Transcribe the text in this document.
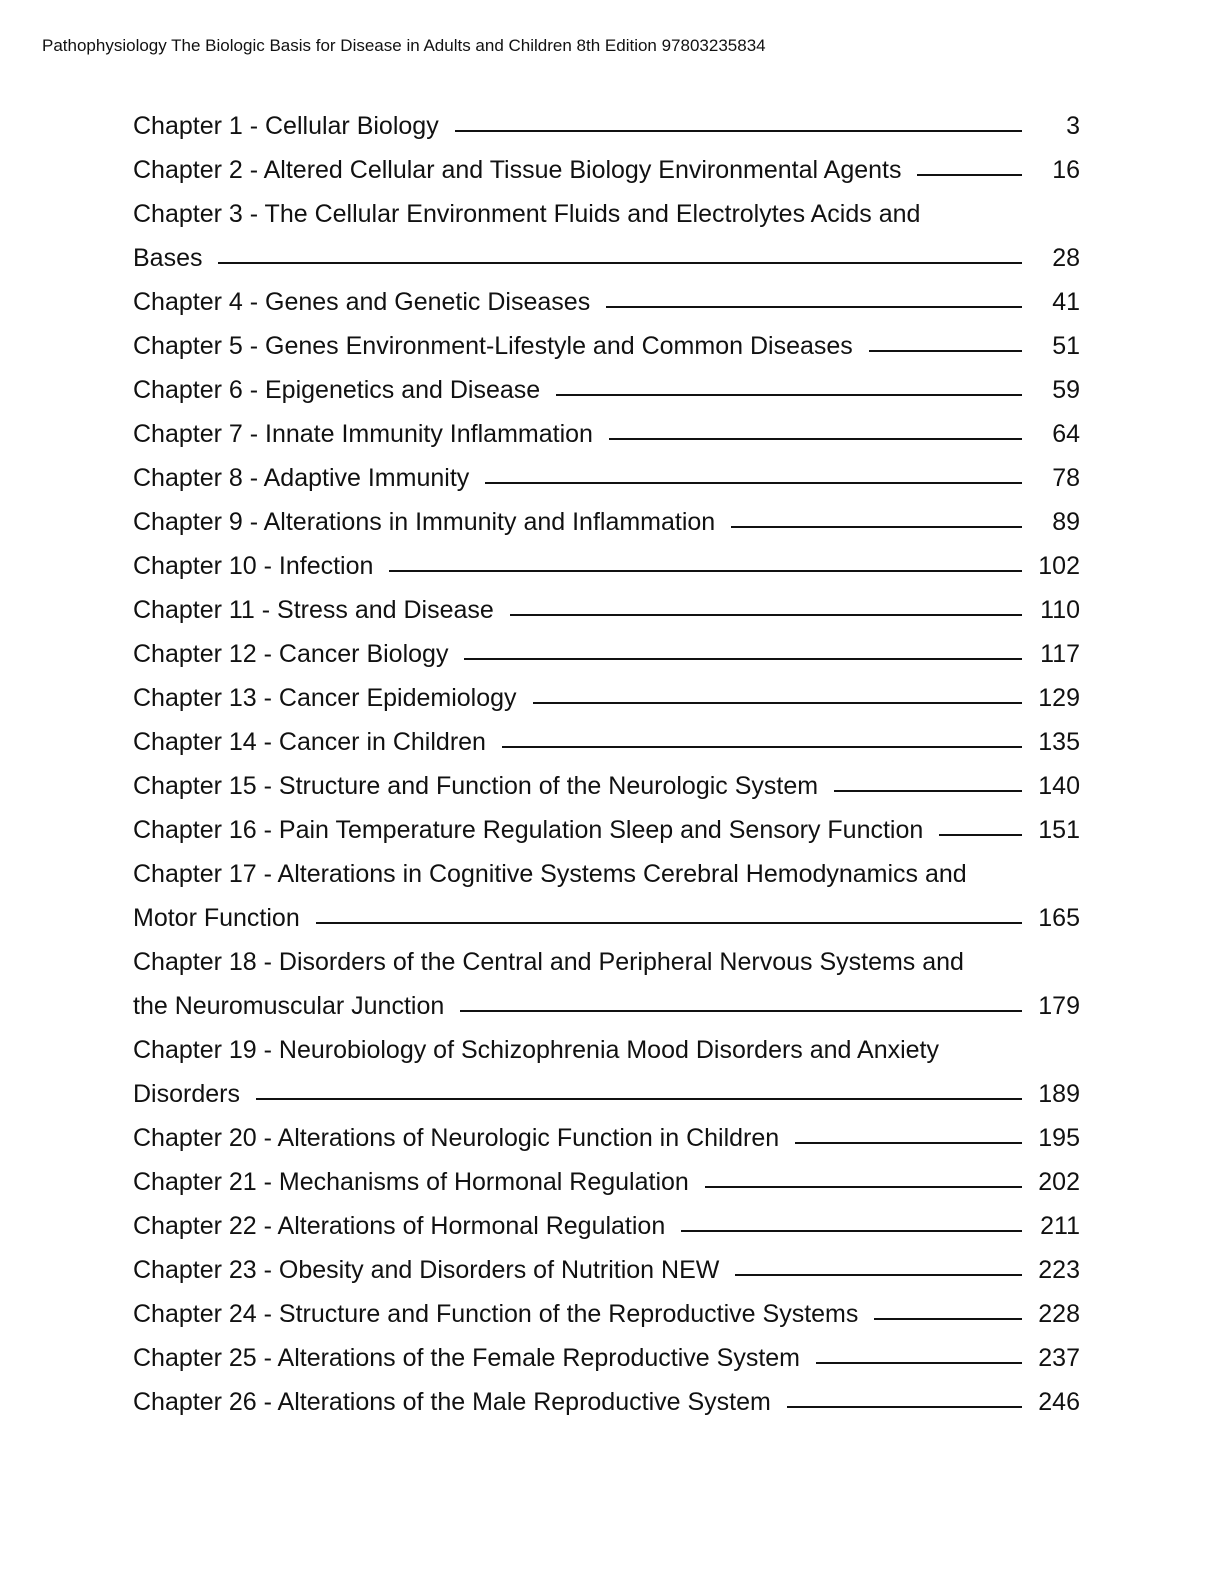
Pathophysiology The Biologic Basis for Disease in Adults and Children 8th Edition 97803235834
Chapter 1 - Cellular Biology	3
Chapter 2 - Altered Cellular and Tissue Biology Environmental Agents	16
Chapter 3 - The Cellular Environment Fluids and Electrolytes Acids and
Bases	28
Chapter 4 - Genes and Genetic Diseases	41
Chapter 5 - Genes Environment-Lifestyle and Common Diseases	51
Chapter 6 - Epigenetics and Disease	59
Chapter 7 - Innate Immunity Inflammation	64
Chapter 8 - Adaptive Immunity	78
Chapter 9 - Alterations in Immunity and Inflammation	89
Chapter 10 - Infection	102
Chapter 11 - Stress and Disease	110
Chapter 12 - Cancer Biology	117
Chapter 13 - Cancer Epidemiology	129
Chapter 14 - Cancer in Children	135
Chapter 15 - Structure and Function of the Neurologic System	140
Chapter 16 - Pain Temperature Regulation Sleep and Sensory Function	151
Chapter 17 - Alterations in Cognitive Systems Cerebral Hemodynamics and
Motor Function	165
Chapter 18 - Disorders of the Central and Peripheral Nervous Systems and
the Neuromuscular Junction	179
Chapter 19 - Neurobiology of Schizophrenia Mood Disorders and Anxiety
Disorders	189
Chapter 20 - Alterations of Neurologic Function in Children	195
Chapter 21 - Mechanisms of Hormonal Regulation	202
Chapter 22 - Alterations of Hormonal Regulation	211
Chapter 23 - Obesity and Disorders of Nutrition NEW	223
Chapter 24 - Structure and Function of the Reproductive Systems	228
Chapter 25 - Alterations of the Female Reproductive System	237
Chapter 26 - Alterations of the Male Reproductive System	246
